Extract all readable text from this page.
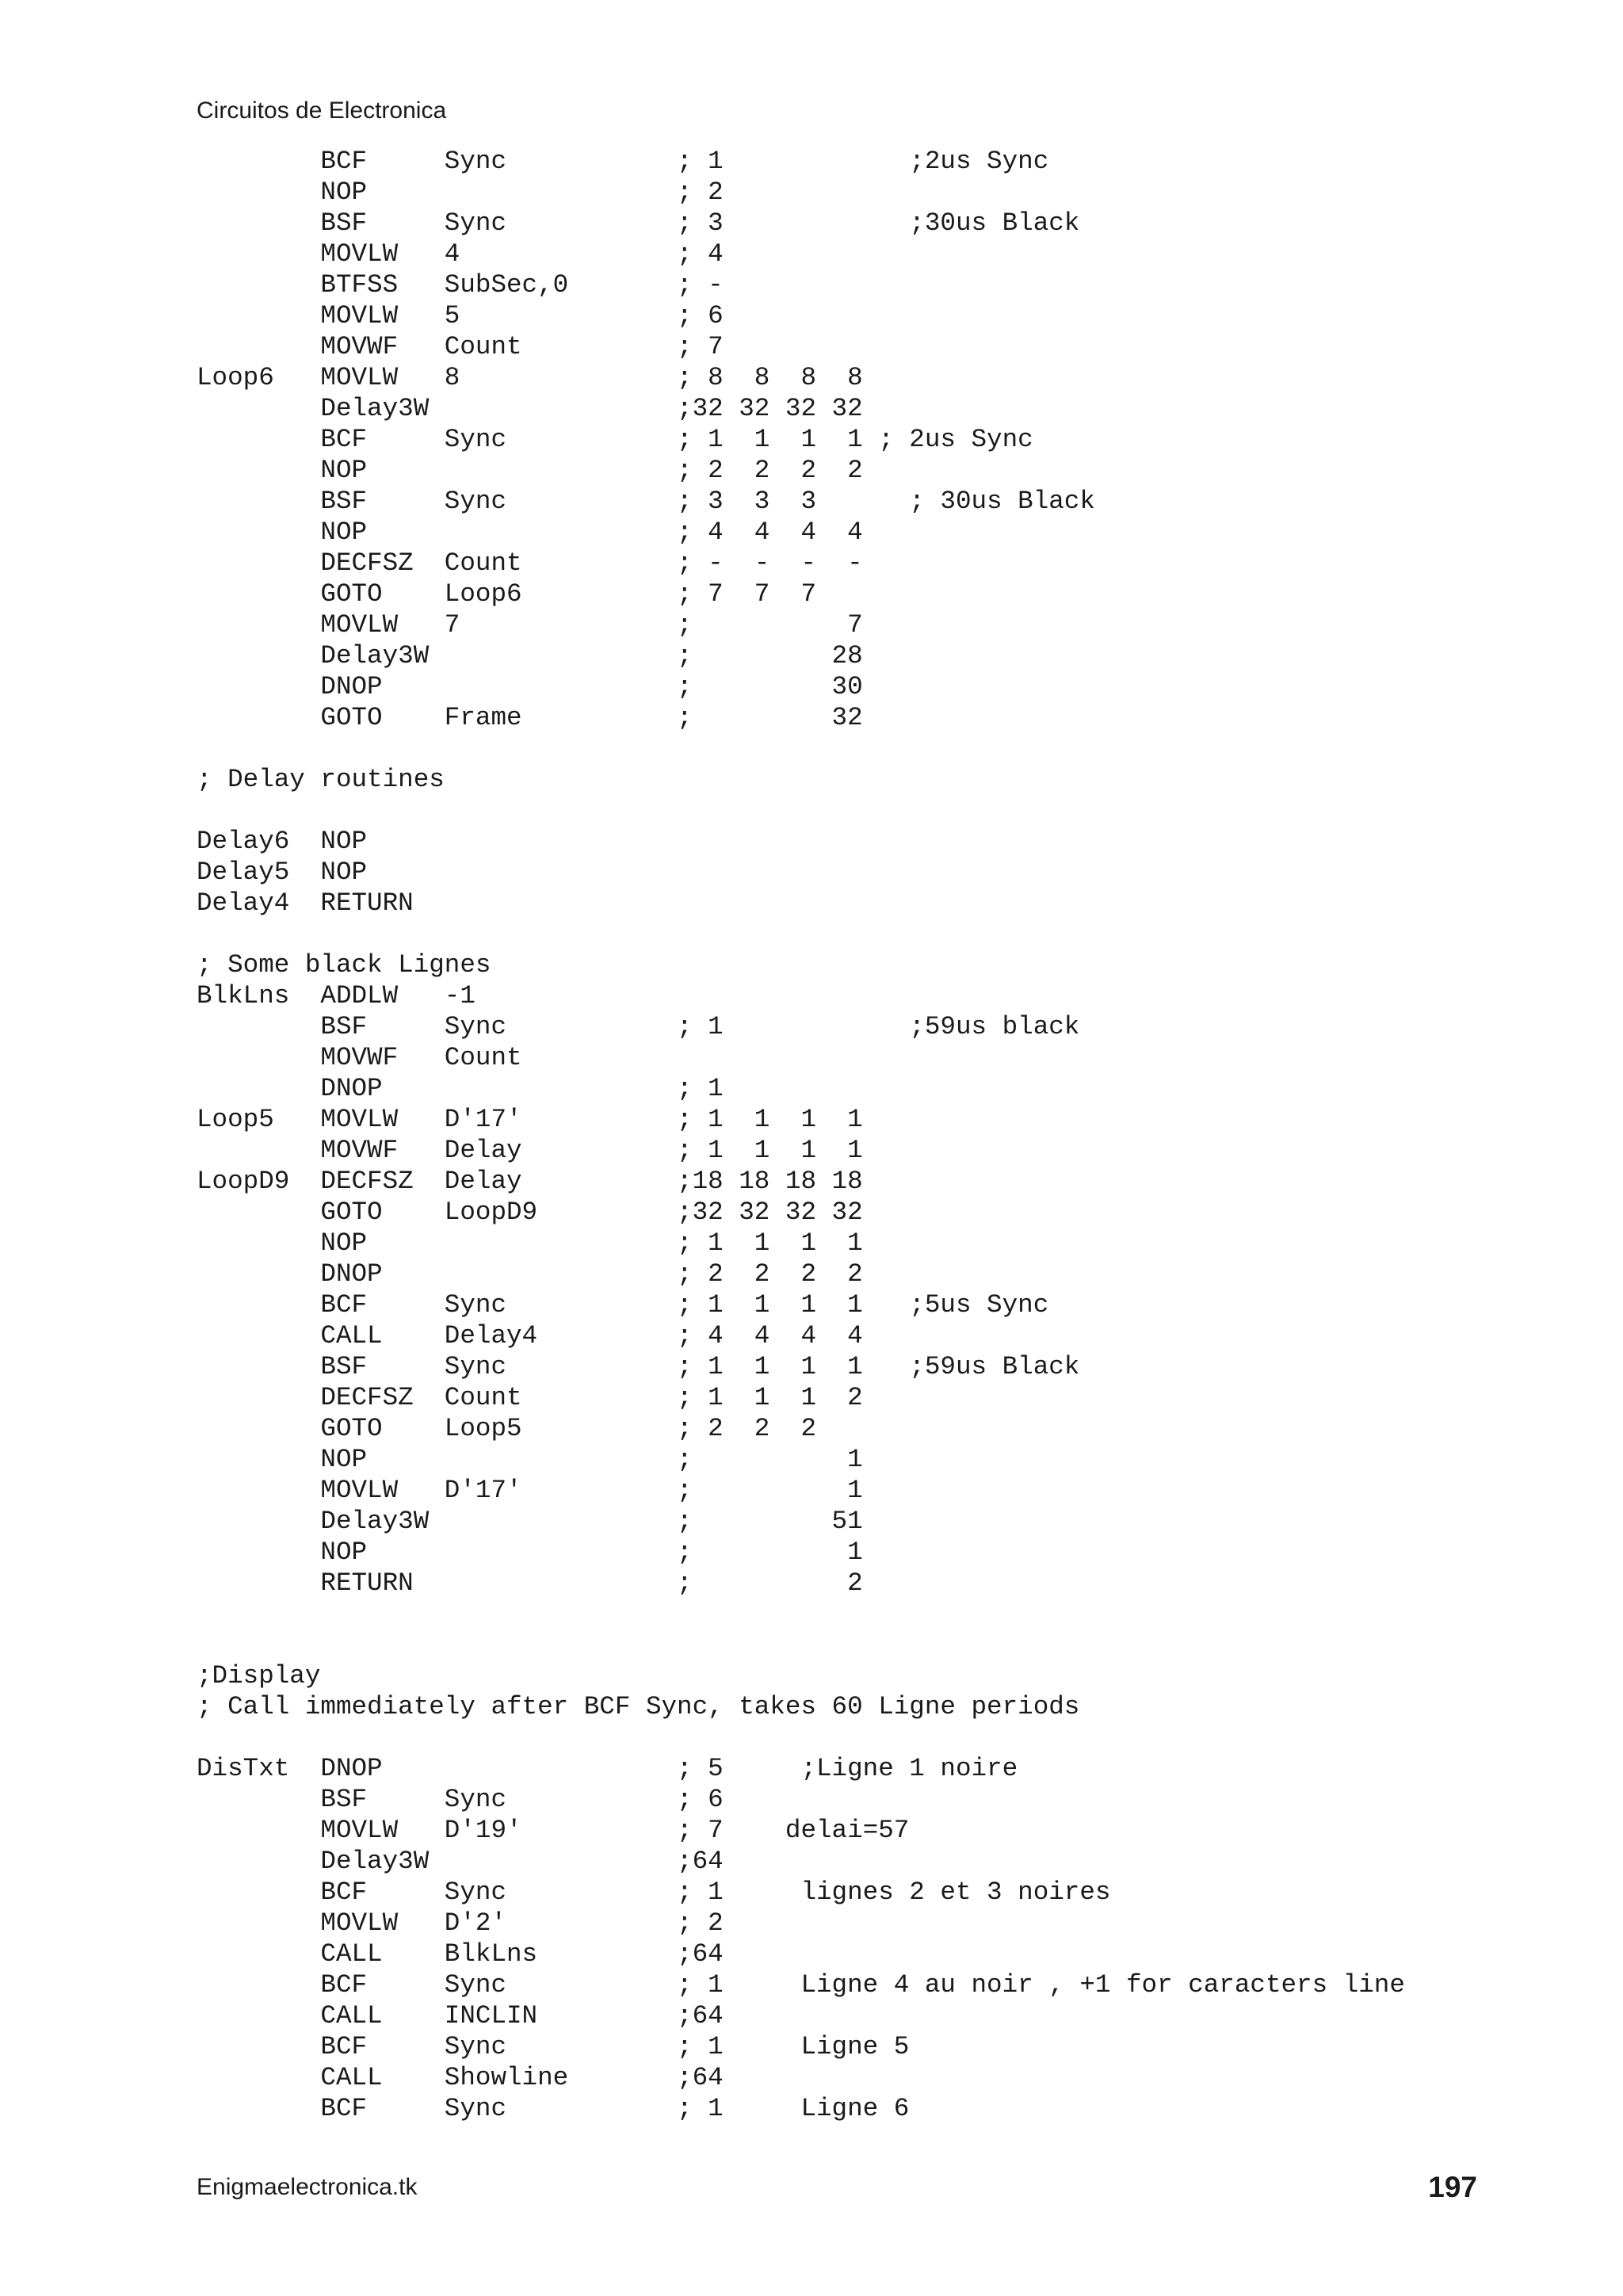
Circuitos de Electronica
BCF     Sync           ; 1            ;2us Sync
NOP                    ; 2
BSF     Sync           ; 3            ;30us Black
MOVLW   4              ; 4
BTFSS   SubSec,0       ; -
MOVLW   5              ; 6
MOVWF   Count          ; 7
Loop6   MOVLW   8              ; 8  8  8  8
Delay3W                ;32 32 32 32
BCF     Sync           ; 1  1  1  1 ; 2us Sync
NOP                    ; 2  2  2  2
BSF     Sync           ; 3  3  3      ; 30us Black
NOP                    ; 4  4  4  4
DECFSZ  Count          ; -  -  -  -
GOTO    Loop6          ; 7  7  7
MOVLW   7              ;          7
Delay3W                ;         28
DNOP                   ;         30
GOTO    Frame          ;         32

; Delay routines

Delay6  NOP
Delay5  NOP
Delay4  RETURN

; Some black Lignes
BlkLns  ADDLW   -1
BSF     Sync           ; 1            ;59us black
MOVWF   Count
DNOP                   ; 1
Loop5   MOVLW   D'17'          ; 1  1  1  1
MOVWF   Delay          ; 1  1  1  1
LoopD9  DECFSZ  Delay          ;18 18 18 18
GOTO    LoopD9         ;32 32 32 32
NOP                    ; 1  1  1  1
DNOP                   ; 2  2  2  2
BCF     Sync           ; 1  1  1  1   ;5us Sync
CALL    Delay4         ; 4  4  4  4
BSF     Sync           ; 1  1  1  1   ;59us Black
DECFSZ  Count          ; 1  1  1  2
GOTO    Loop5          ; 2  2  2
NOP                    ;          1
MOVLW   D'17'          ;          1
Delay3W                ;         51
NOP                    ;          1
RETURN                 ;          2

;Display
; Call immediately after BCF Sync, takes 60 Ligne periods

DisTxt  DNOP                   ; 5     ;Ligne 1 noire
BSF     Sync           ; 6
MOVLW   D'19'          ; 7    delai=57
Delay3W                ;64
BCF     Sync           ; 1     lignes 2 et 3 noires
MOVLW   D'2'           ; 2
CALL    BlkLns         ;64
BCF     Sync           ; 1     Ligne 4 au noir , +1 for caracters line
CALL    INCLIN         ;64
BCF     Sync           ; 1     Ligne 5
CALL    Showline       ;64
BCF     Sync           ; 1     Ligne 6
Enigmaelectronica.tk	197
